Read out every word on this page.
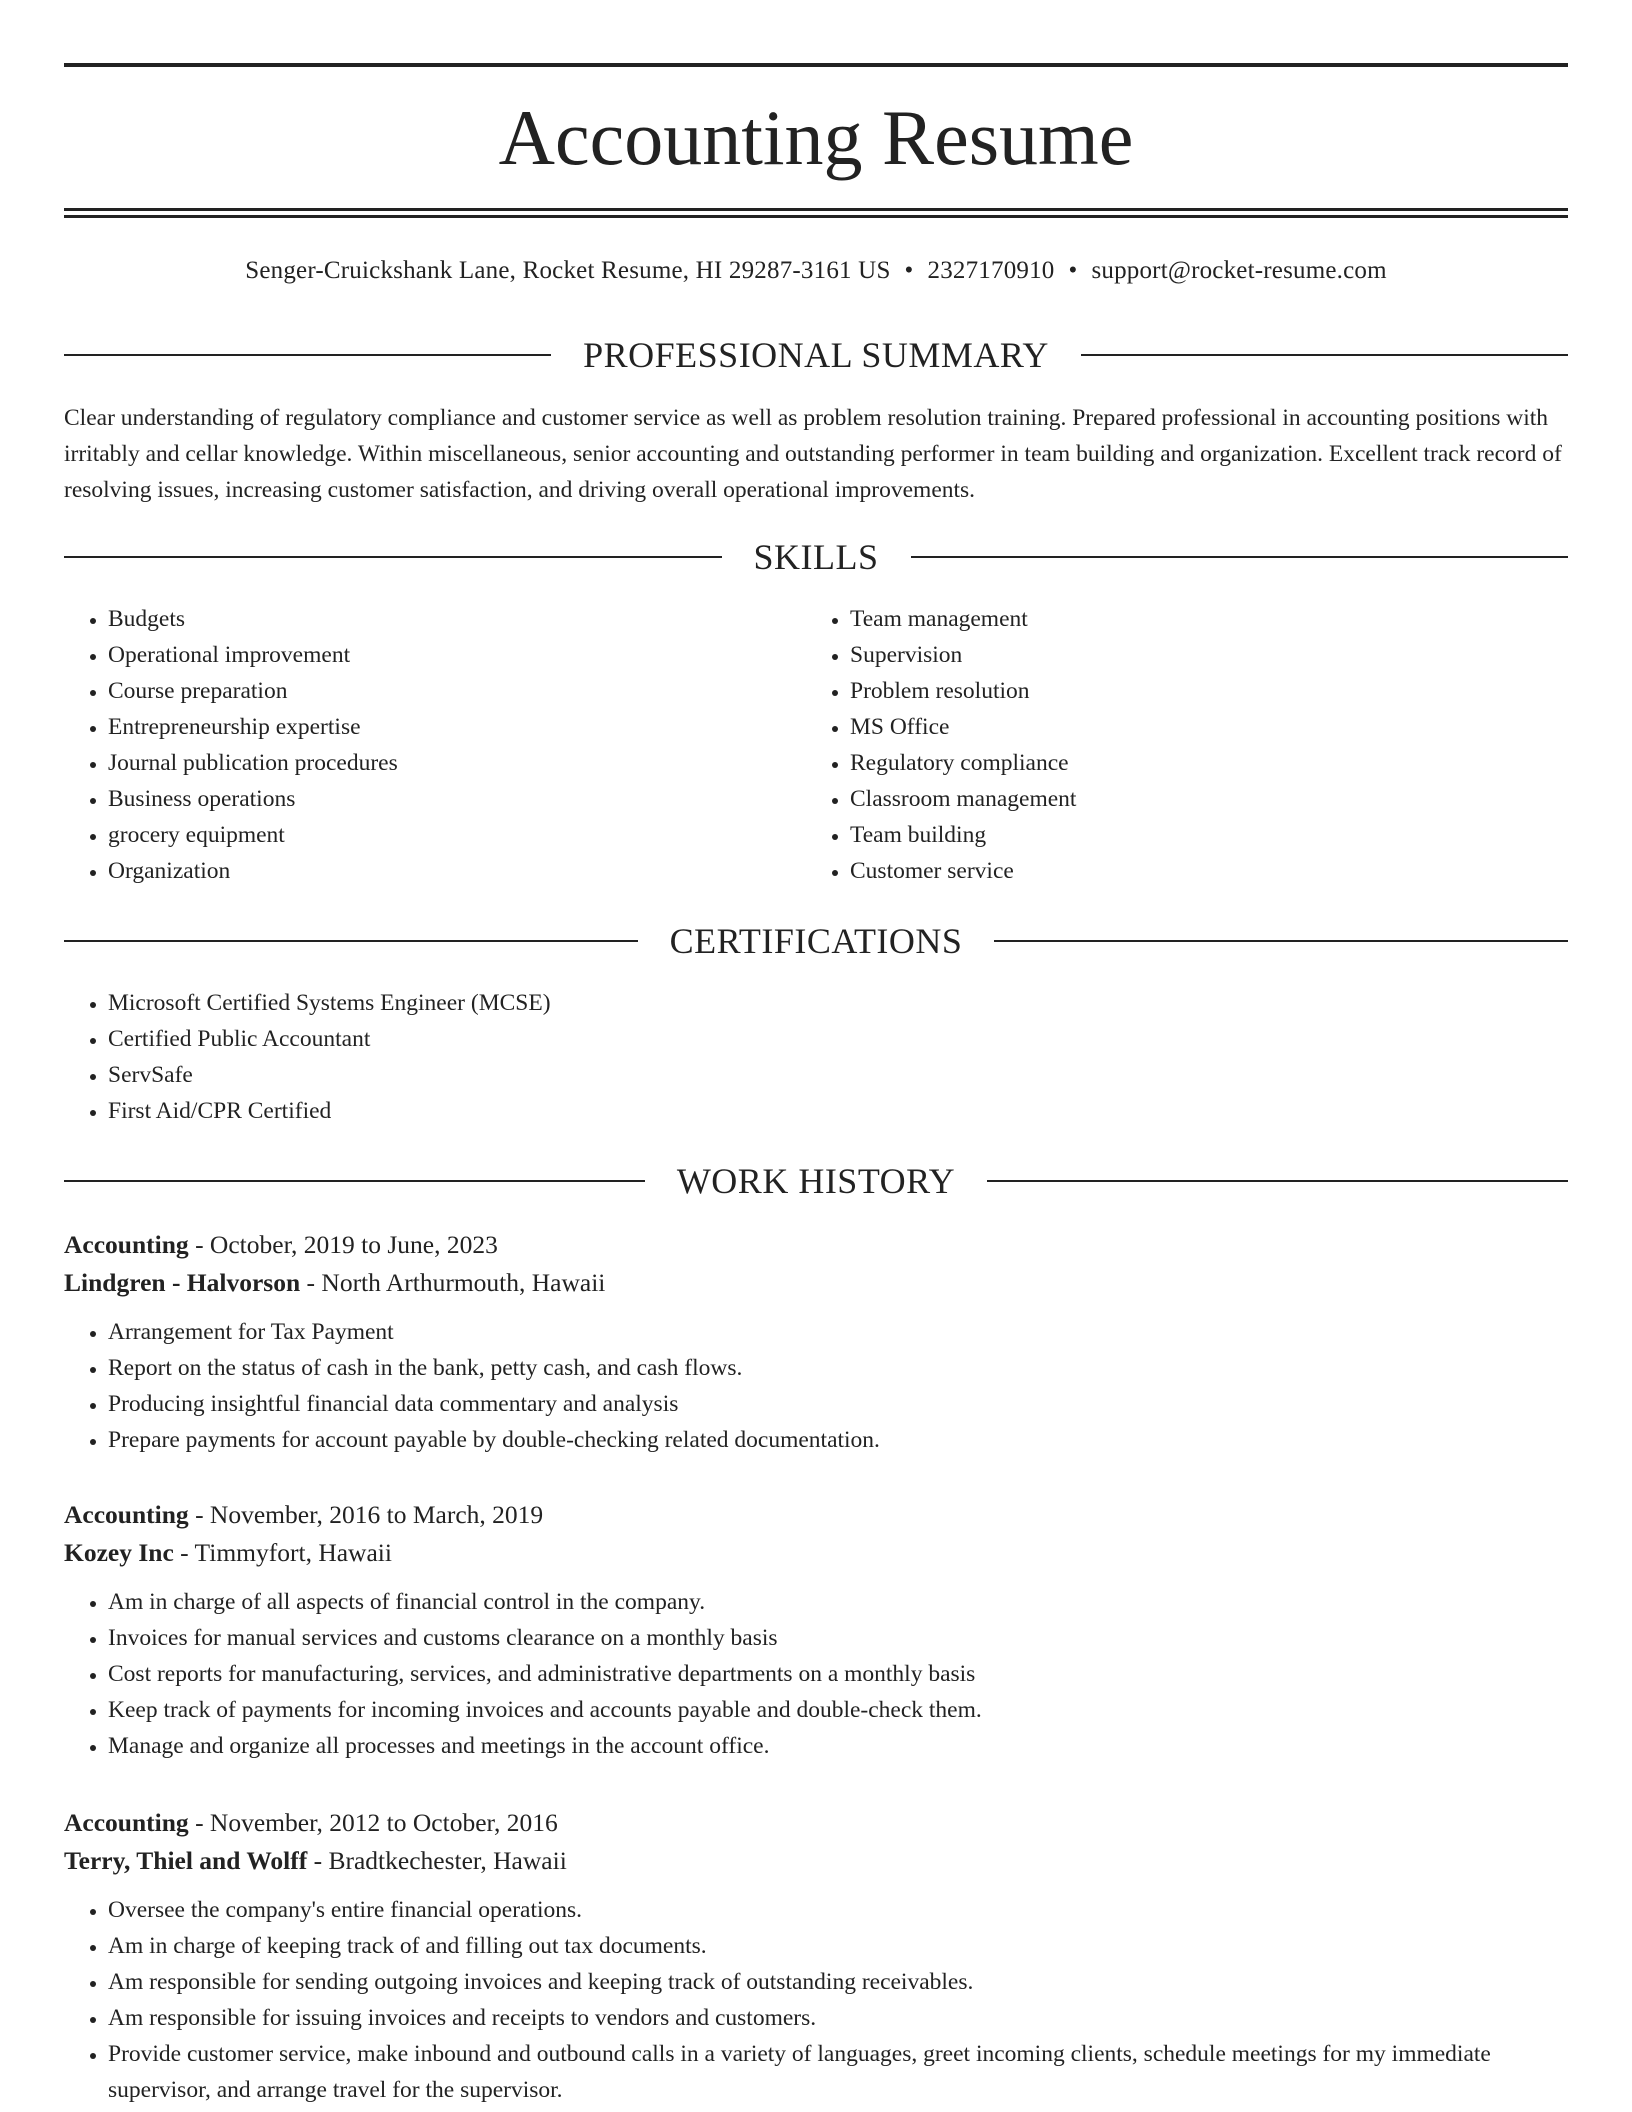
Accounting Resume
Senger-Cruickshank Lane, Rocket Resume, HI 29287-3161 US • 2327170910 • support@rocket-resume.com
PROFESSIONAL SUMMARY

Clear understanding of regulatory compliance and customer service as well as problem resolution training. Prepared professional in accounting positions with irritably and cellar knowledge. Within miscellaneous, senior accounting and outstanding performer in team building and organization. Excellent track record of resolving issues, increasing customer satisfaction, and driving overall operational improvements.

SKILLS
• Budgets
• Operational improvement
• Course preparation
• Entrepreneurship expertise
• Journal publication procedures
• Business operations
• grocery equipment
• Organization
• Team management
• Supervision
• Problem resolution
• MS Office
• Regulatory compliance
• Classroom management
• Team building
• Customer service
CERTIFICATIONS
• Microsoft Certified Systems Engineer (MCSE)
• Certified Public Accountant
• ServSafe
• First Aid/CPR Certified
WORK HISTORY

Accounting - October, 2019 to June, 2023

Lindgren - Halvorson - North Arthurmouth, Hawaii

• Arrangement for Tax Payment
• Report on the status of cash in the bank, petty cash, and cash flows.
• Producing insightful financial data commentary and analysis
• Prepare payments for account payable by double-checking related documentation.

Accounting - November, 2016 to March, 2019

Kozey Inc - Timmyfort, Hawaii

• Am in charge of all aspects of financial control in the company.
• Invoices for manual services and customs clearance on a monthly basis
• Cost reports for manufacturing, services, and administrative departments on a monthly basis
• Keep track of payments for incoming invoices and accounts payable and double-check them.
• Manage and organize all processes and meetings in the account office.

Accounting - November, 2012 to October, 2016

Terry, Thiel and Wolff - Bradtkechester, Hawaii

• Oversee the company's entire financial operations.
• Am in charge of keeping track of and filling out tax documents.
• Am responsible for sending outgoing invoices and keeping track of outstanding receivables.
• Am responsible for issuing invoices and receipts to vendors and customers.
• Provide customer service, make inbound and outbound calls in a variety of languages, greet incoming clients, schedule meetings for my immediate supervisor, and arrange travel for the supervisor.
